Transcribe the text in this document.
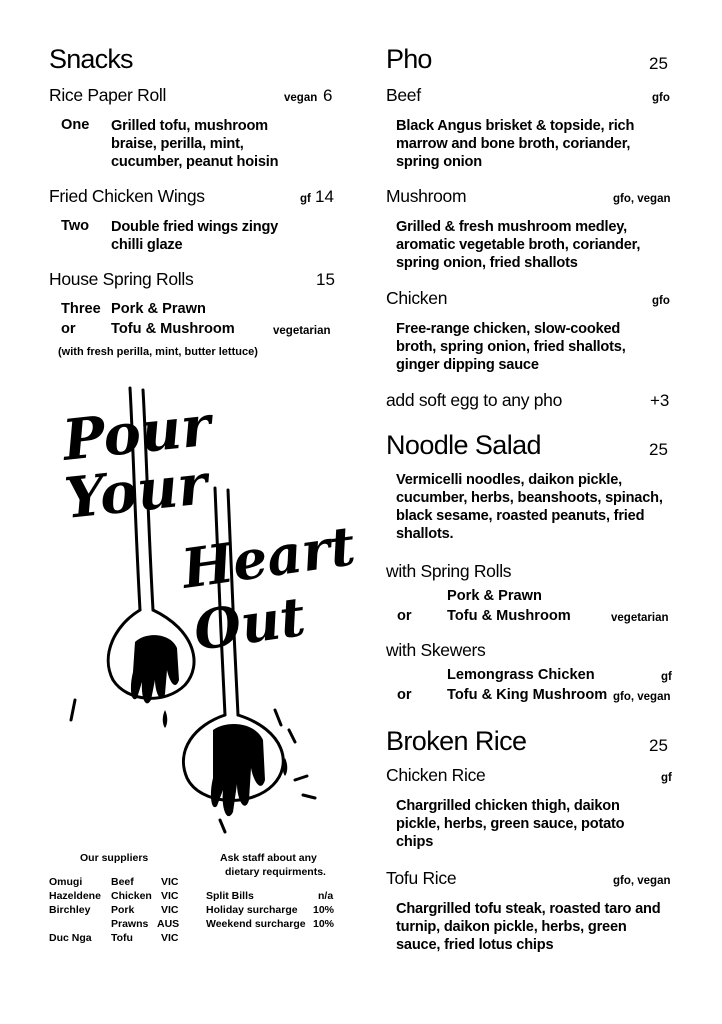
Snacks
Rice Paper Roll	vegan 6
One Grilled tofu, mushroom braise, perilla, mint, cucumber, peanut hoisin
Fried Chicken Wings	gf 14
Two Double fried wings zingy chilli glaze
House Spring Rolls	15
Three Pork & Prawn
or Tofu & Mushroom	vegetarian
(with fresh perilla, mint, butter lettuce)
Pour
Your
Heart
Out
Our suppliers
Omugi	Beef	VIC
Hazeldene Chicken VIC
Birchley Pork	VIC
Prawns AUS
Duc Nga Tofu	VIC
Ask staff about any
dietary requirments.
Split Bills	n/a
Holiday surcharge 10%
Weekend surcharge 10%
Pho	25
Beef	gfo
Black Angus brisket & topside, rich marrow and bone broth, coriander, spring onion
Mushroom	gfo, vegan
Grilled & fresh mushroom medley, aromatic vegetable broth, coriander, spring onion, fried shallots
Chicken	gfo
Free-range chicken, slow-cooked broth, spring onion, fried shallots, ginger dipping sauce
add soft egg to any pho	+3
Noodle Salad	25
Vermicelli noodles, daikon pickle, cucumber, herbs, beanshoots, spinach, black sesame, roasted peanuts, fried shallots.
with Spring Rolls
Pork & Prawn
or Tofu & Mushroom	vegetarian
with Skewers
Lemongrass Chicken	gf
or Tofu & King Mushroom gfo, vegan
Broken Rice	25
Chicken Rice	gf
Chargrilled chicken thigh, daikon pickle, herbs, green sauce, potato chips
Tofu Rice	gfo, vegan
Chargrilled tofu steak, roasted taro and turnip, daikon pickle, herbs, green sauce, fried lotus chips
